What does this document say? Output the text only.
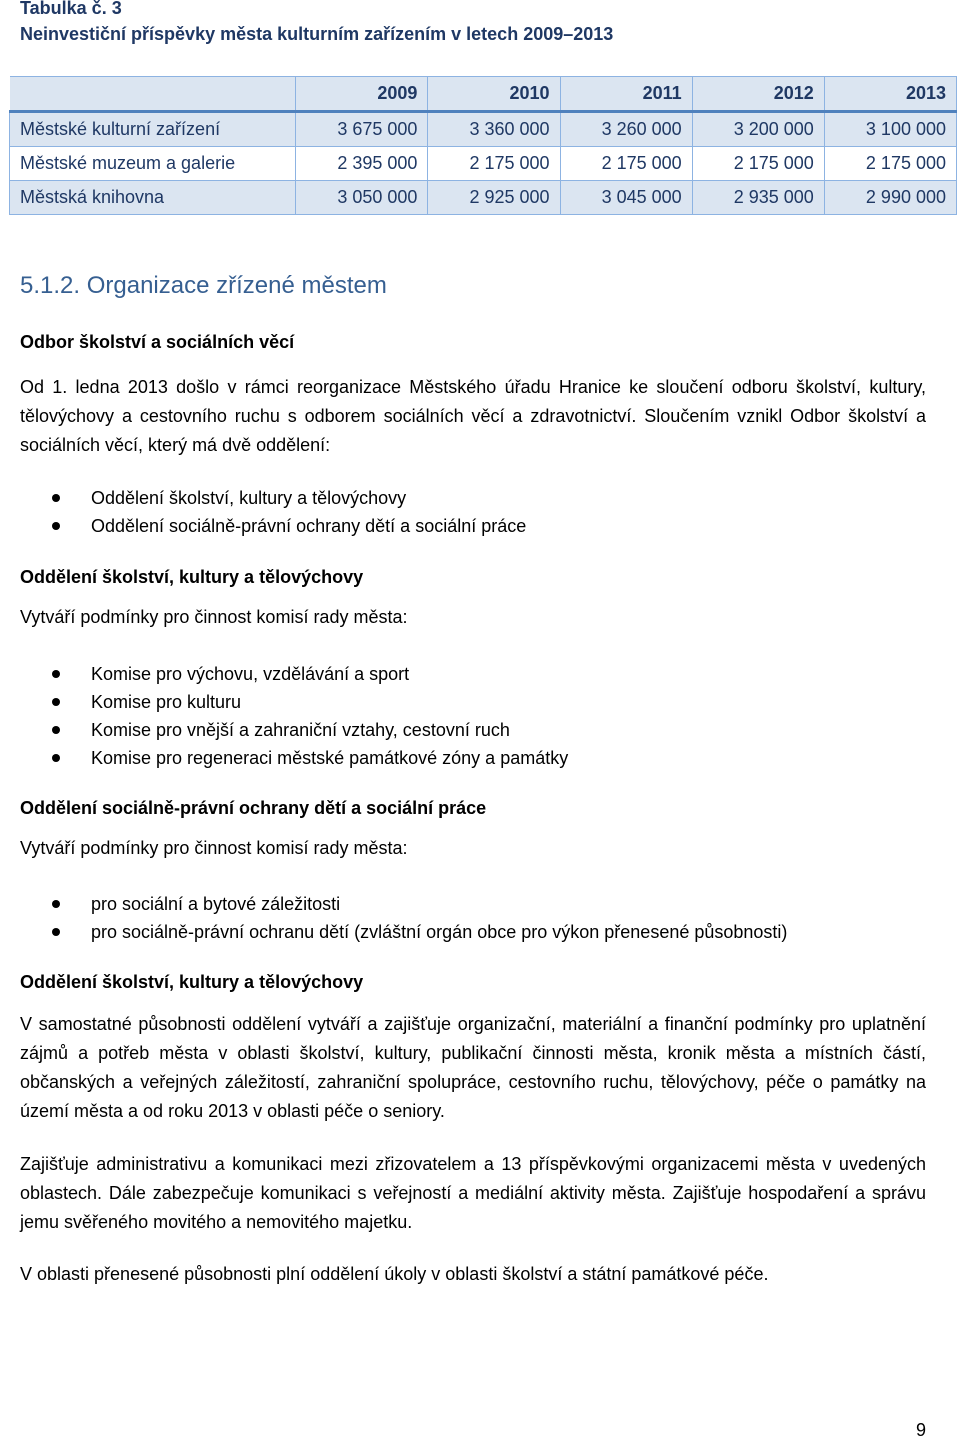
Tabulka č. 3
Neinvestiční příspěvky města kulturním zařízením v letech 2009–2013
	2009	2010	2011	2012	2013
Městské kulturní zařízení	3 675 000	3 360 000	3 260 000	3 200 000	3 100 000
Městské muzeum a galerie	2 395 000	2 175 000	2 175 000	2 175 000	2 175 000
Městská knihovna	3 050 000	2 925 000	3 045 000	2 935 000	2 990 000
5.1.2. Organizace zřízené městem
Odbor školství a sociálních věcí
Od 1. ledna 2013 došlo v rámci reorganizace Městského úřadu Hranice ke sloučení odboru školství, kultury, tělovýchovy a cestovního ruchu s odborem sociálních věcí a zdravotnictví. Sloučením vznikl Odbor školství a sociálních věcí, který má dvě oddělení:
Oddělení školství, kultury a tělovýchovy
Oddělení sociálně-právní ochrany dětí a sociální práce
Oddělení školství, kultury a tělovýchovy
Vytváří podmínky pro činnost komisí rady města:
Komise pro výchovu, vzdělávání a sport
Komise pro kulturu
Komise pro vnější a zahraniční vztahy, cestovní ruch
Komise pro regeneraci městské památkové zóny a památky
Oddělení sociálně-právní ochrany dětí a sociální práce
Vytváří podmínky pro činnost komisí rady města:
pro sociální a bytové záležitosti
pro sociálně-právní ochranu dětí (zvláštní orgán obce pro výkon přenesené působnosti)
Oddělení školství, kultury a tělovýchovy
V samostatné působnosti oddělení vytváří a zajišťuje organizační, materiální a finanční podmínky pro uplatnění zájmů a potřeb města v oblasti školství, kultury, publikační činnosti města, kronik města a místních částí, občanských a veřejných záležitostí, zahraniční spolupráce, cestovního ruchu, tělovýchovy, péče o památky na území města a od roku 2013 v oblasti péče o seniory.
Zajišťuje administrativu a komunikaci mezi zřizovatelem a 13 příspěvkovými organizacemi města v uvedených oblastech. Dále zabezpečuje komunikaci s veřejností a mediální aktivity města. Zajišťuje hospodaření a správu jemu svěřeného movitého a nemovitého majetku.
V oblasti přenesené působnosti plní oddělení úkoly v oblasti školství a státní památkové péče.
9
